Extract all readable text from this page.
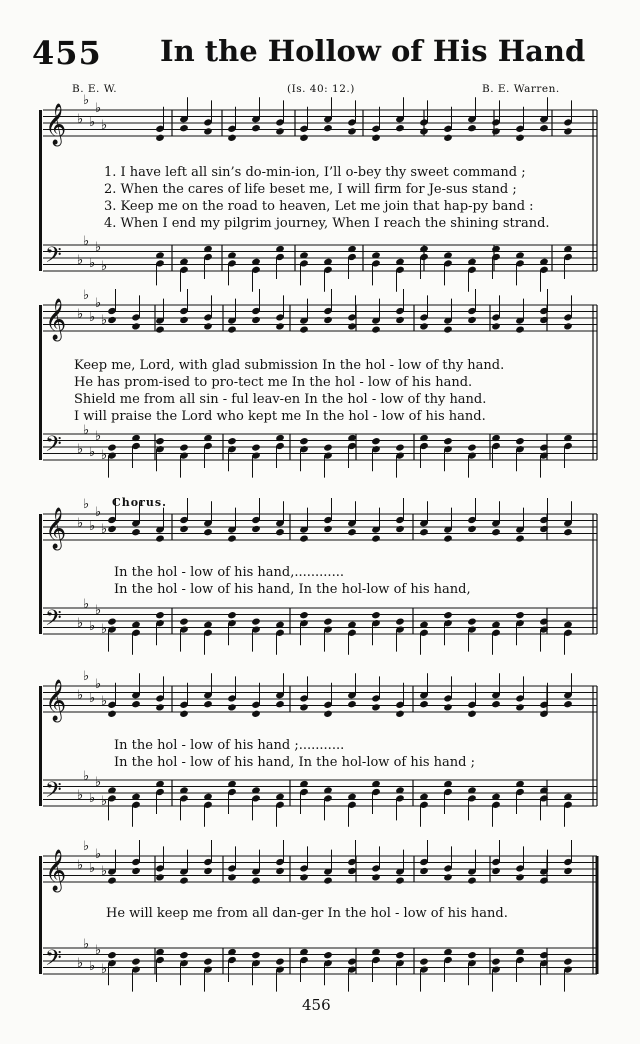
𝄞 ♭
♭
♭
♭
♭
𝄢 ♭
♭
♭
♭
♭
𝄞 ♭
♭
♭
♭
♭
𝄢 ♭
♭
♭
♭
♭
𝄞 ♭
♭
♭
♭
♭
𝄢 ♭
♭
♭
♭
♭
𝄞 ♭
♭
♭
♭
♭
𝄢 ♭
♭
♭
♭
♭
𝄞 ♭
♭
♭
♭
♭
𝄢 ♭
♭
♭
♭
♭
455 In the Hollow of His Hand
B. E. W.	(Is. 40: 12.)	B. E. Warren.
1. I have left all sin’s do-min-ion, I’ll o-bey thy sweet command ;
2. When the cares of life beset me, I will firm for Je-sus stand ;
3. Keep me on the road to heaven, Let me join that hap-py band :
4. When I end my pilgrim journey, When I reach the shining strand.
Keep me, Lord, with glad submission In the hol - low of thy hand.
He has prom-ised to pro-tect me In the hol - low of his hand.
Shield me from all sin - ful leav-en In the hol - low of thy hand.
I will praise the Lord who kept me In the hol - low of his hand.
Chorus.
In the hol - low of his hand,............
In the hol - low of his hand, In the hol-low of his hand,
In the hol - low of his hand ;...........
In the hol - low of his hand, In the hol-low of his hand ;
He will keep me from all dan-ger In the hol - low of his hand.
456
